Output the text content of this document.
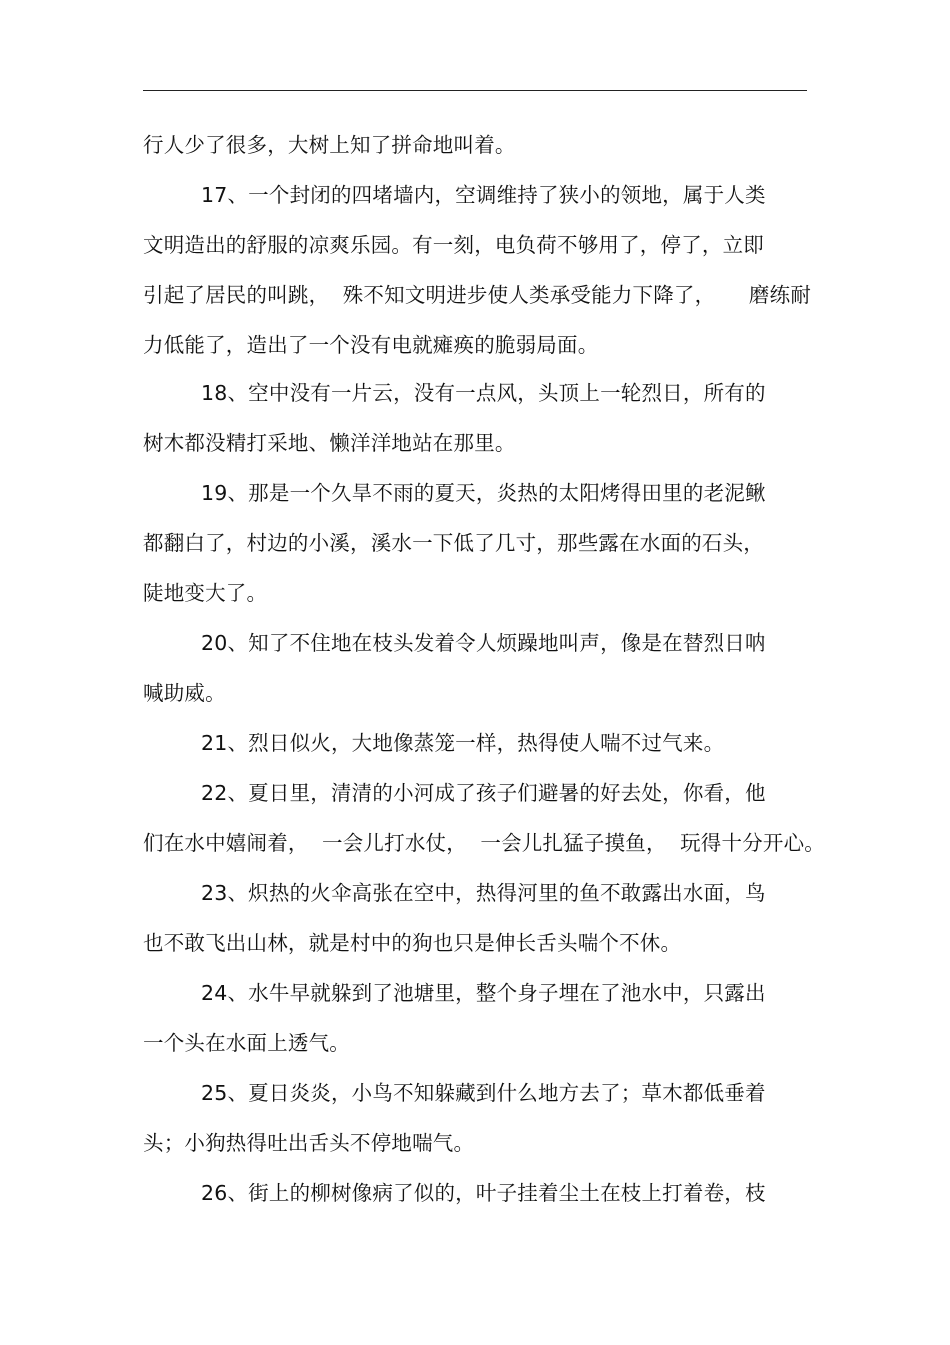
行人少了很多，大树上知了拼命地叫着。
17、一个封闭的四堵墙内，空调维持了狭小的领地，属于人类
文明造出的舒服的凉爽乐园。有一刻，电负荷不够用了，停了，立即
引起了居民的叫跳，  殊不知文明进步使人类承受能力下降了，     磨练耐
力低能了，造出了一个没有电就瘫痪的脆弱局面。
18、空中没有一片云，没有一点风，头顶上一轮烈日，所有的
树木都没精打采地、懒洋洋地站在那里。
19、那是一个久旱不雨的夏天，炎热的太阳烤得田里的老泥鳅
都翻白了，村边的小溪，溪水一下低了几寸，那些露在水面的石头，
陡地变大了。
20、知了不住地在枝头发着令人烦躁地叫声，像是在替烈日呐
喊助威。
21、烈日似火，大地像蒸笼一样，热得使人喘不过气来。
22、夏日里，清清的小河成了孩子们避暑的好去处，你看，他
们在水中嬉闹着，  一会儿打水仗，  一会儿扎猛子摸鱼，  玩得十分开心。
23、炽热的火伞高张在空中，热得河里的鱼不敢露出水面，鸟
也不敢飞出山林，就是村中的狗也只是伸长舌头喘个不休。
24、水牛早就躲到了池塘里，整个身子埋在了池水中，只露出
一个头在水面上透气。
25、夏日炎炎，小鸟不知躲藏到什么地方去了；草木都低垂着
头；小狗热得吐出舌头不停地喘气。
26、街上的柳树像病了似的，叶子挂着尘土在枝上打着卷，枝
